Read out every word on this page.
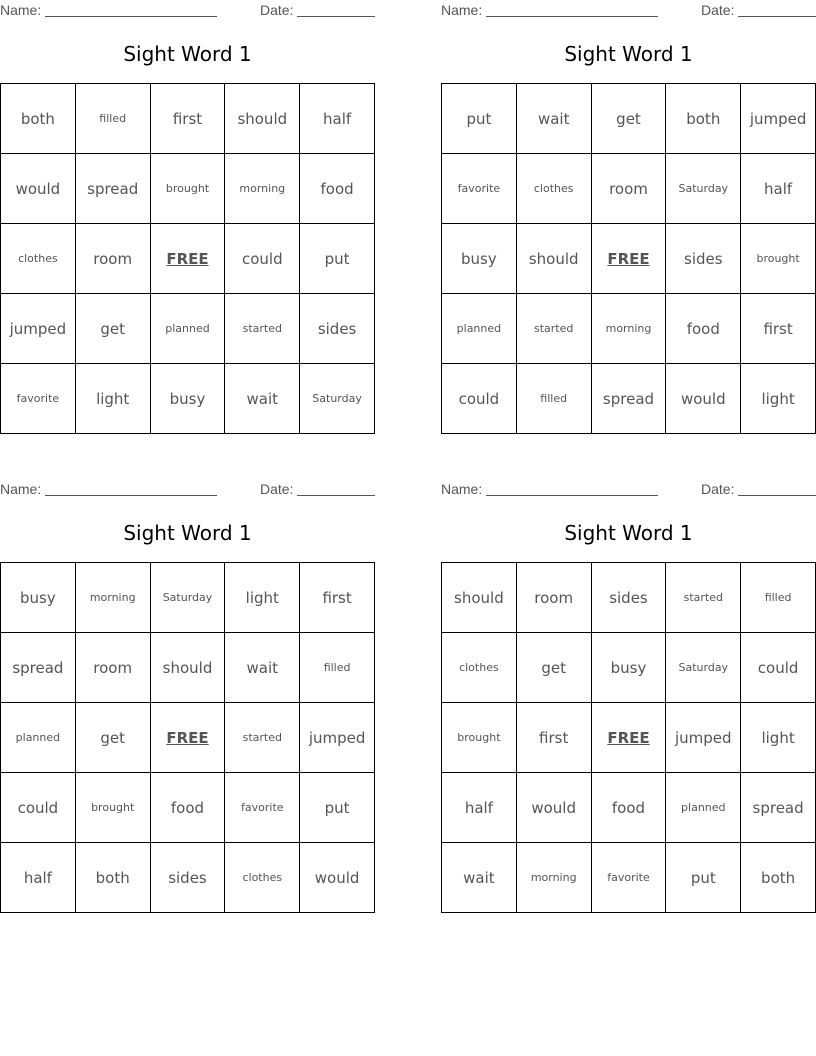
Name:	Date:
Sight Word 1
both	filled	first	should	half
would	spread	brought	morning	food
clothes	room	FREE	could	put
jumped	get	planned	started	sides
favorite	light	busy	wait	Saturday
Name:	Date:
Sight Word 1
put	wait	get	both	jumped
favorite	clothes	room	Saturday	half
busy	should	FREE	sides	brought
planned	started	morning	food	first
could	filled	spread	would	light
Name:	Date:
Sight Word 1
busy	morning	Saturday	light	first
spread	room	should	wait	filled
planned	get	FREE	started	jumped
could	brought	food	favorite	put
half	both	sides	clothes	would
Name:	Date:
Sight Word 1
should	room	sides	started	filled
clothes	get	busy	Saturday	could
brought	first	FREE	jumped	light
half	would	food	planned	spread
wait	morning	favorite	put	both
